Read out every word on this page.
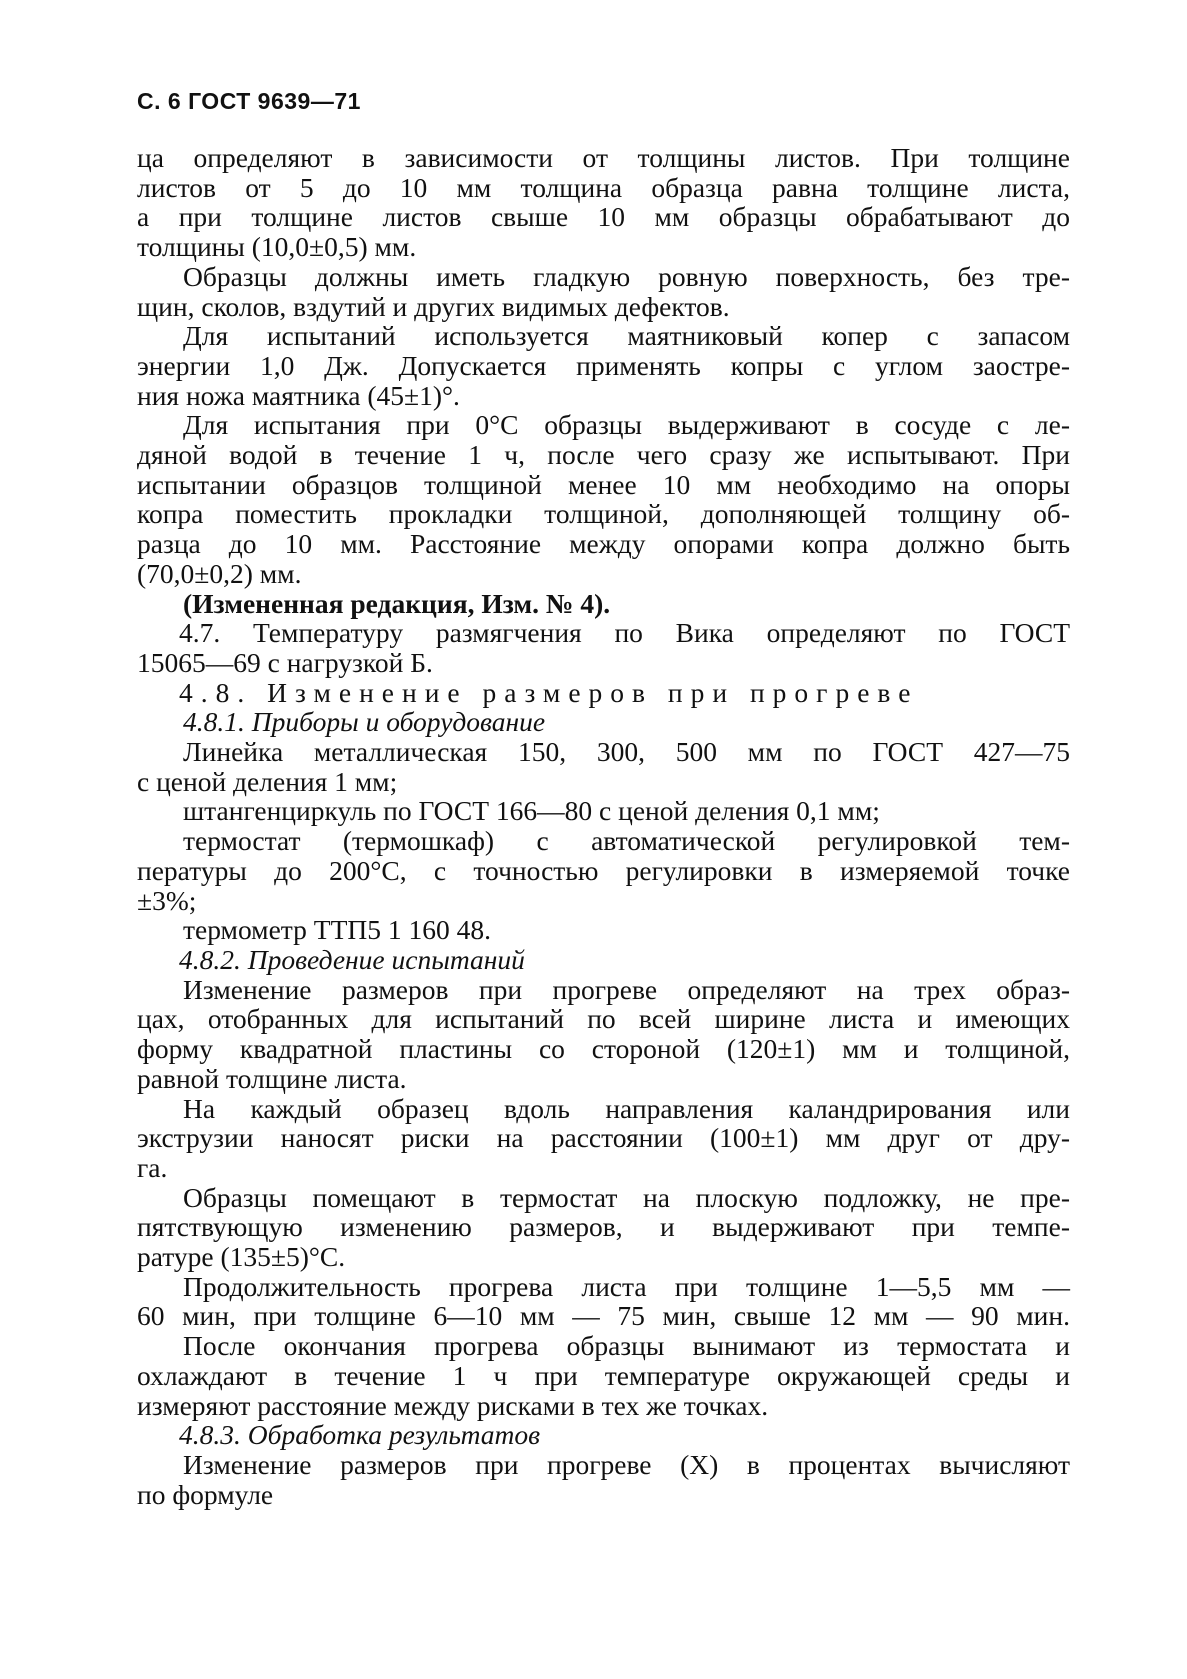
С. 6 ГОСТ 9639—71
ца определяют в зависимости от толщины листов. При толщине
листов от 5 до 10 мм толщина образца равна толщине листа,
а при толщине листов свыше 10 мм образцы обрабатывают до
толщины (10,0±0,5) мм.
Образцы должны иметь гладкую ровную поверхность, без тре-
щин, сколов, вздутий и других видимых дефектов.
Для испытаний используется маятниковый копер с запасом
энергии 1,0 Дж. Допускается применять копры с углом заостре-
ния ножа маятника (45±1)°.
Для испытания при 0°С образцы выдерживают в сосуде с ле-
дяной водой в течение 1 ч, после чего сразу же испытывают. При
испытании образцов толщиной менее 10 мм необходимо на опоры
копра поместить прокладки толщиной, дополняющей толщину об-
разца до 10 мм. Расстояние между опорами копра должно быть
(70,0±0,2) мм.
(Измененная редакция, Изм. № 4).
4.7. Температуру размягчения по Вика определяют по ГОСТ
15065—69 с нагрузкой Б.
4.8. Изменение размеров при прогреве
4.8.1. Приборы и оборудование
Линейка металлическая 150, 300, 500 мм по ГОСТ 427—75
с ценой деления 1 мм;
штангенциркуль по ГОСТ 166—80 с ценой деления 0,1 мм;
термостат (термошкаф) с автоматической регулировкой тем-
пературы до 200°С, с точностью регулировки в измеряемой точке
±3%;
термометр ТТП5 1 160 48.
4.8.2. Проведение испытаний
Изменение размеров при прогреве определяют на трех образ-
цах, отобранных для испытаний по всей ширине листа и имеющих
форму квадратной пластины со стороной (120±1) мм и толщиной,
равной толщине листа.
На каждый образец вдоль направления каландрирования или
экструзии наносят риски на расстоянии (100±1) мм друг от дру-
га.
Образцы помещают в термостат на плоскую подложку, не пре-
пятствующую изменению размеров, и выдерживают при темпе-
ратуре (135±5)°С.
Продолжительность прогрева листа при толщине 1—5,5 мм —
60 мин, при толщине 6—10 мм — 75 мин, свыше 12 мм — 90 мин.
После окончания прогрева образцы вынимают из термостата и
охлаждают в течение 1 ч при температуре окружающей среды и
измеряют расстояние между рисками в тех же точках.
4.8.3. Обработка результатов
Изменение размеров при прогреве (X) в процентах вычисляют
по формуле
